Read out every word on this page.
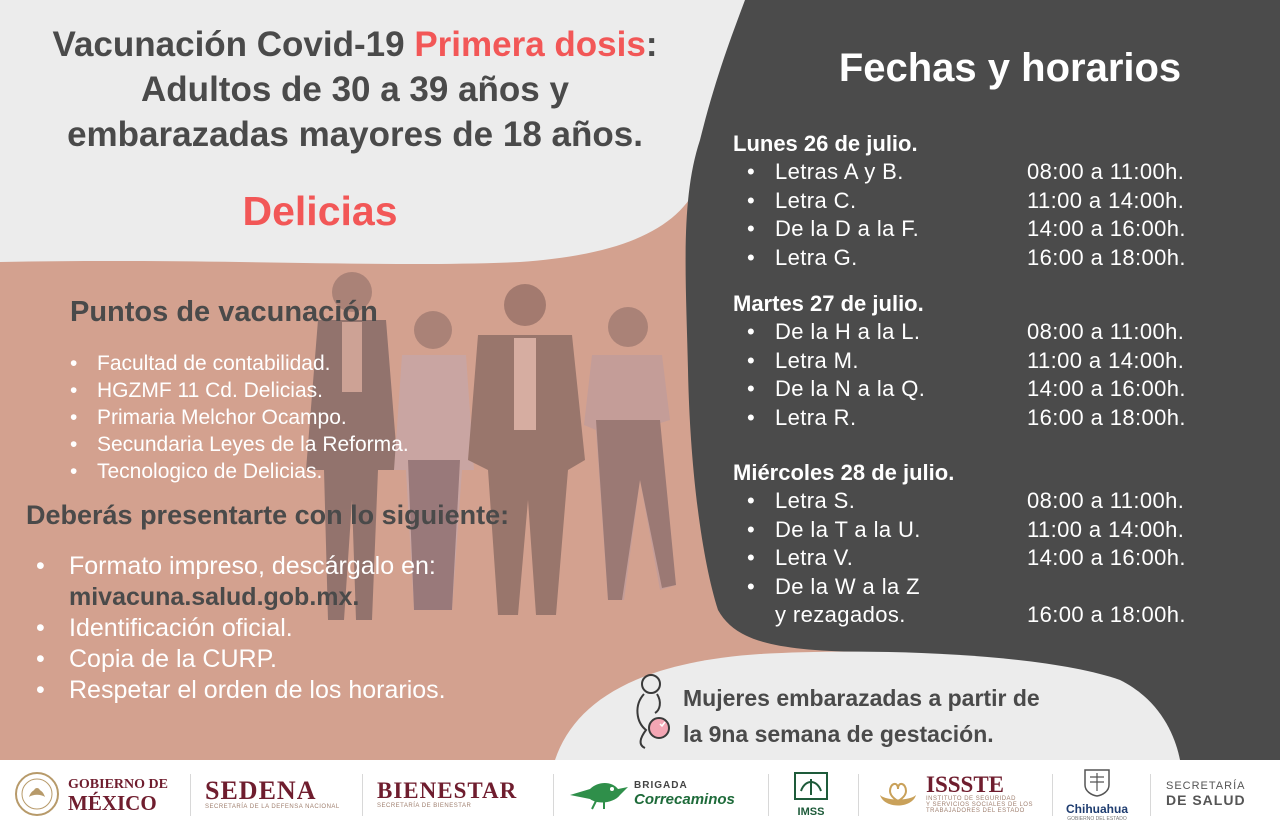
Vacunación Covid-19 Primera dosis:
Adultos de 30 a 39 años y
embarazadas mayores de 18 años.
Delicias
Puntos de vacunación
• Facultad de contabilidad.
• HGZMF 11 Cd. Delicias.
• Primaria Melchor Ocampo.
• Secundaria Leyes de la Reforma.
• Tecnologico de Delicias.
Deberás presentarte con lo siguiente:
• Formato impreso, descárgalo en:
mivacuna.salud.gob.mx.
• Identificación oficial.
• Copia de la CURP.
• Respetar el orden de los horarios.
Fechas y horarios
Lunes 26 de julio.
• Letras A y B.	08:00 a 11:00h.
• Letra C.	11:00 a 14:00h.
• De la D a la F.	14:00 a 16:00h.
• Letra G.	16:00 a 18:00h.
Martes 27 de julio.
• De la H a la L.	08:00 a 11:00h.
• Letra M.	11:00 a 14:00h.
• De la N a la Q.	14:00 a 16:00h.
• Letra R.	16:00 a 18:00h.
Miércoles 28 de julio.
• Letra S.	08:00 a 11:00h.
• De la T a la U.	11:00 a 14:00h.
• Letra V.	14:00 a 16:00h.
• De la W a la Z
y rezagados.	16:00 a 18:00h.
Mujeres embarazadas a partir de
la 9na semana de gestación.
GOBIERNO DE
MÉXICO	SEDENA
SECRETARÍA DE LA DEFENSA NACIONAL
BIENESTAR
SECRETARÍA DE BIENESTAR
BRIGADA
Correcaminos
IMSS
ISSSTE
INSTITUTO DE SEGURIDAD
Y SERVICIOS SOCIALES DE LOS
TRABAJADORES DEL ESTADO	Chihuahua
GOBIERNO DEL ESTADO
SECRETARÍA
DE SALUD
